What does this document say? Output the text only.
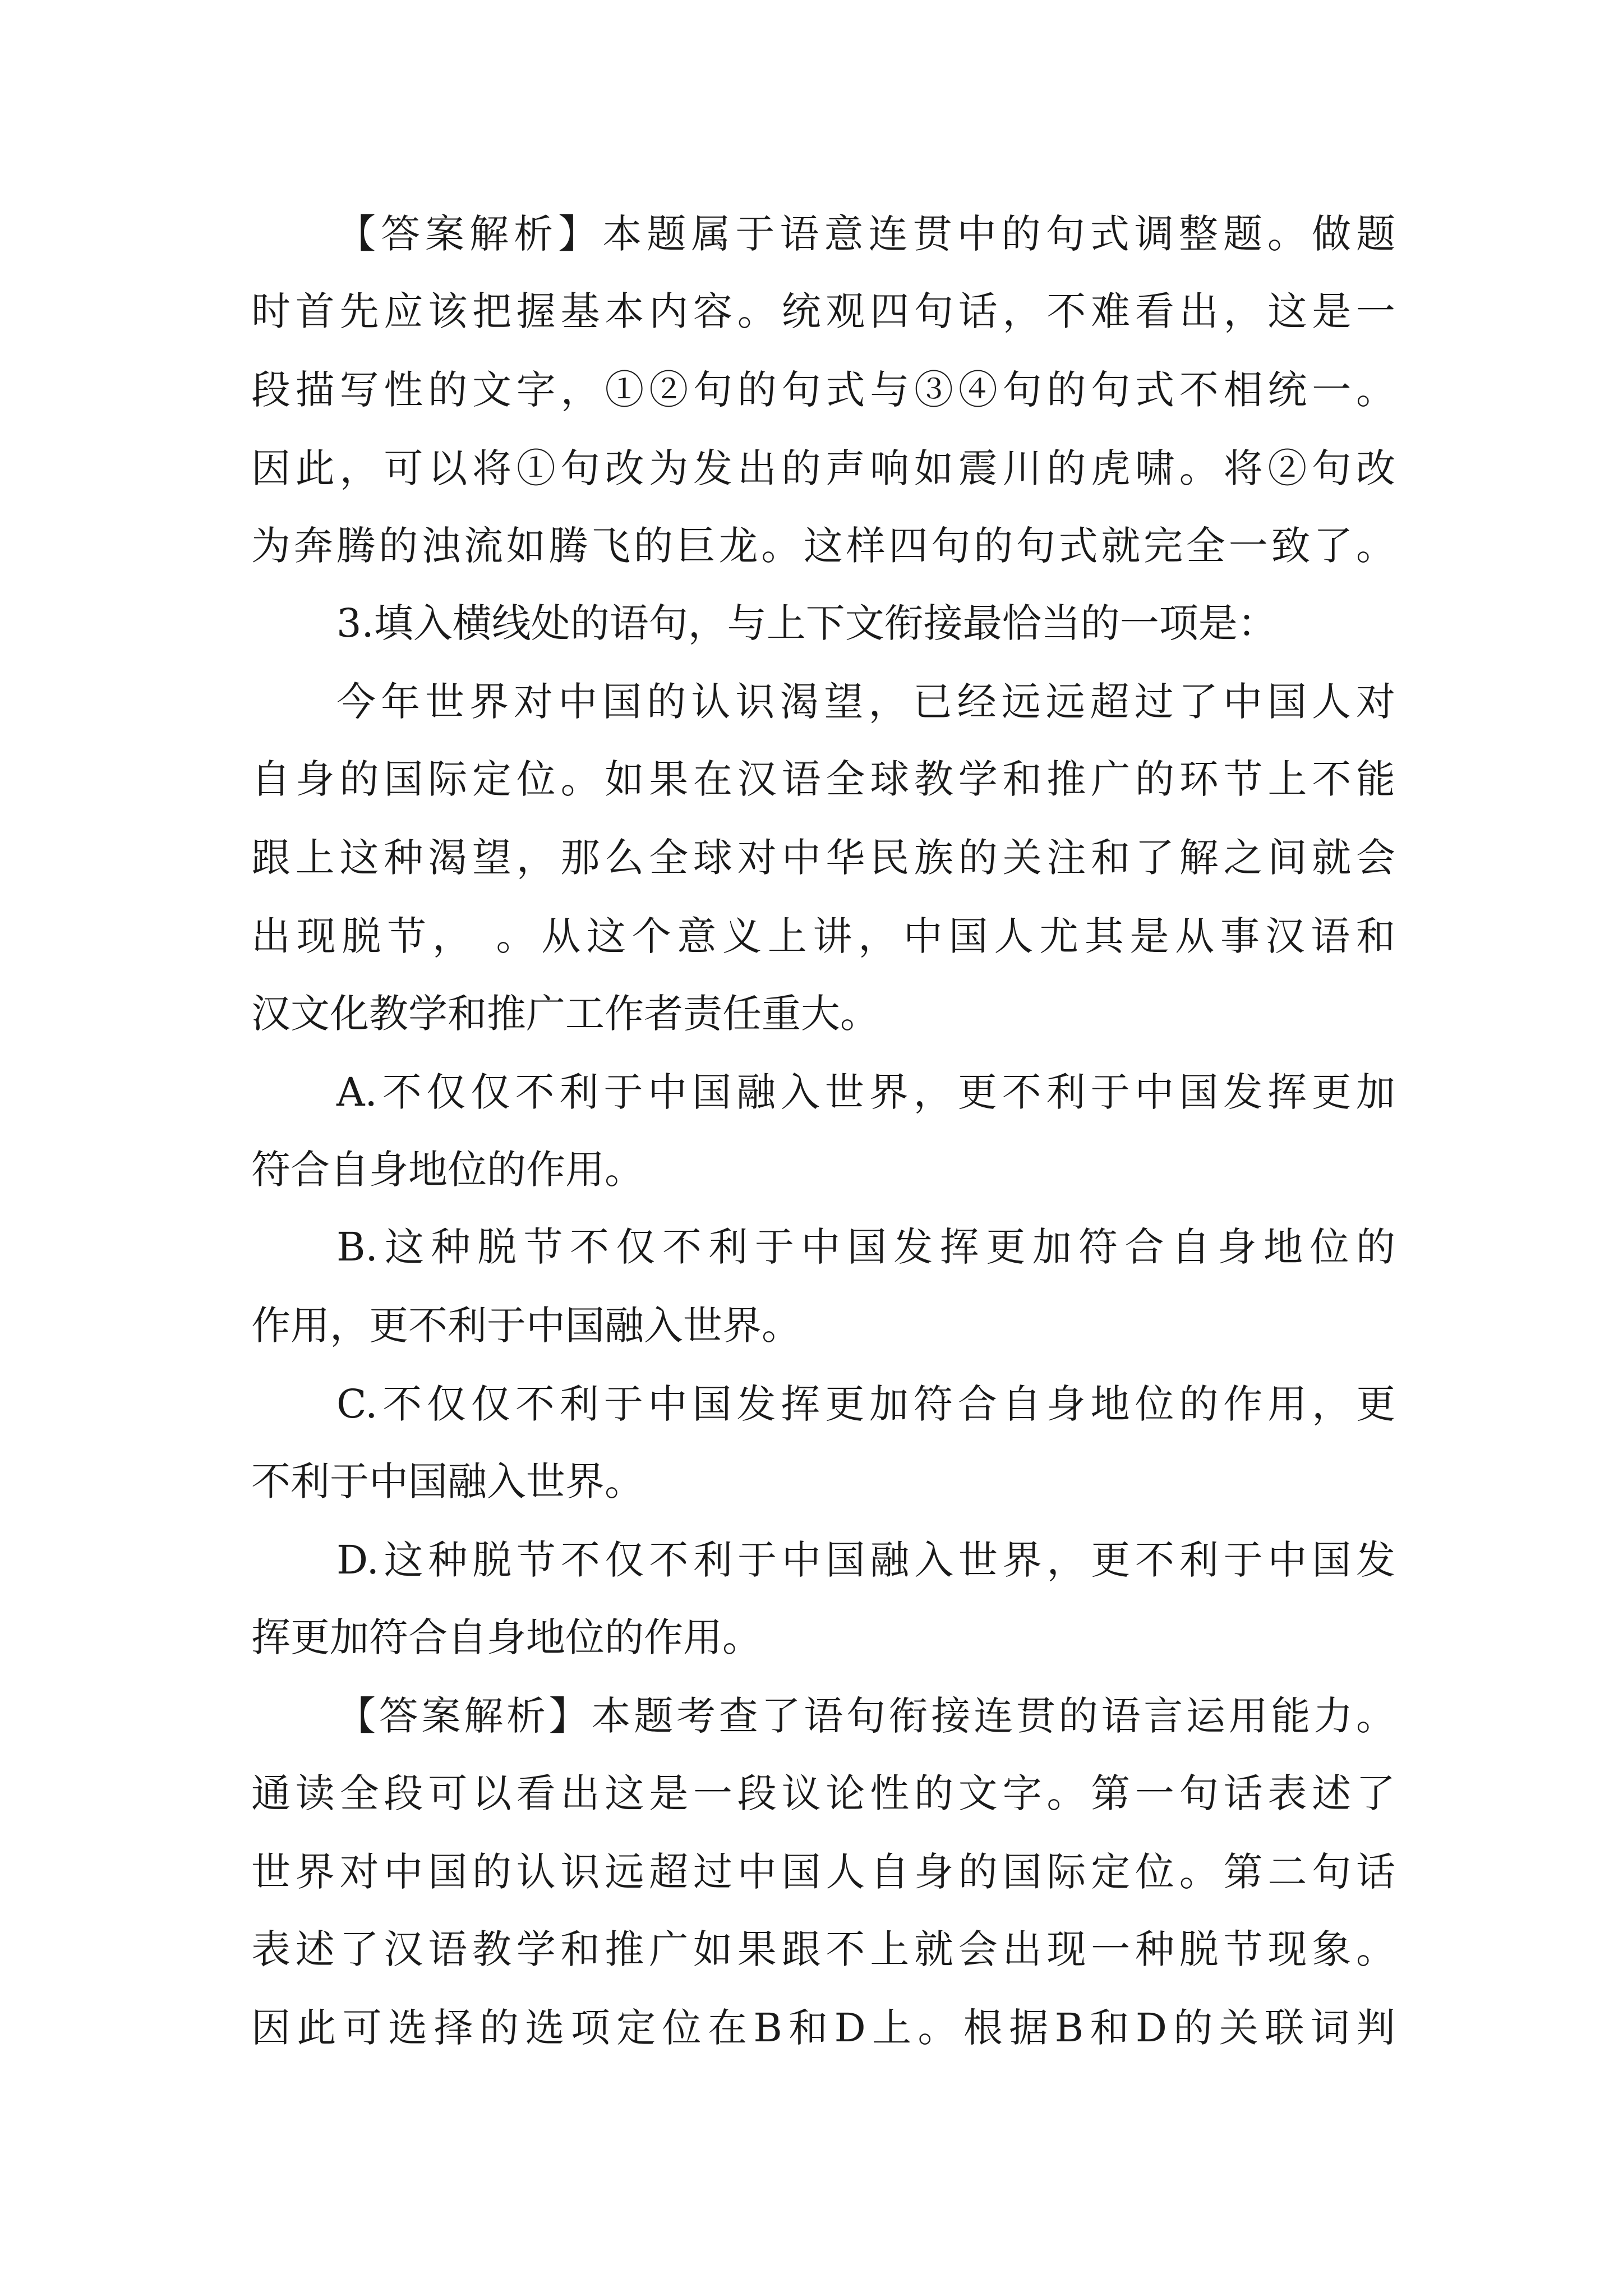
【答案解析】本题属于语意连贯中的句式调整题。做题

时首先应该把握基本内容。统观四句话，不难看出，这是一

段描写性的文字，①②句的句式与③④句的句式不相统一。

因此，可以将①句改为发出的声响如震川的虎啸。将②句改

为奔腾的浊流如腾飞的巨龙。这样四句的句式就完全一致了。

3.填入横线处的语句，与上下文衔接最恰当的一项是：

今年世界对中国的认识渴望，已经远远超过了中国人对

自身的国际定位。如果在汉语全球教学和推广的环节上不能

跟上这种渴望，那么全球对中华民族的关注和了解之间就会

出现脱节， 。从这个意义上讲，中国人尤其是从事汉语和

汉文化教学和推广工作者责任重大。

A.不仅仅不利于中国融入世界，更不利于中国发挥更加

符合自身地位的作用。

B.这种脱节不仅不利于中国发挥更加符合自身地位的

作用，更不利于中国融入世界。

C.不仅仅不利于中国发挥更加符合自身地位的作用，更

不利于中国融入世界。

D.这种脱节不仅不利于中国融入世界，更不利于中国发

挥更加符合自身地位的作用。

【答案解析】本题考查了语句衔接连贯的语言运用能力。

通读全段可以看出这是一段议论性的文字。第一句话表述了

世界对中国的认识远超过中国人自身的国际定位。第二句话

表述了汉语教学和推广如果跟不上就会出现一种脱节现象。

因此可选择的选项定位在B和D上。根据B和D的关联词判
